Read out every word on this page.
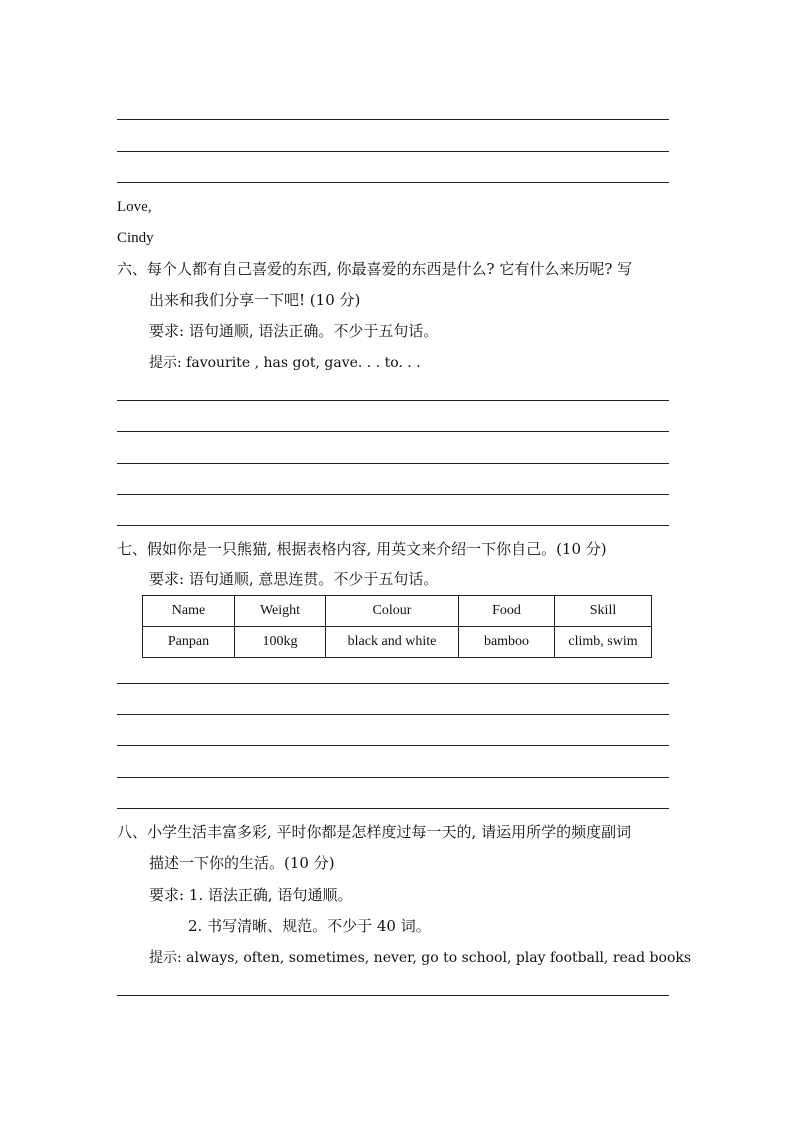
Love,
Cindy
六、每个人都有自己喜爱的东西, 你最喜爱的东西是什么? 它有什么来历呢? 写
出来和我们分享一下吧! (10 分)
要求: 语句通顺, 语法正确。不少于五句话。
提示: favourite , has got, gave. . . to. . .
七、假如你是一只熊猫, 根据表格内容, 用英文来介绍一下你自己。(10 分)
要求: 语句通顺, 意思连贯。不少于五句话。
Name	Weight	Colour	Food	Skill
Panpan	100kg	black and white	bamboo	climb, swim
八、小学生活丰富多彩, 平时你都是怎样度过每一天的, 请运用所学的频度副词
描述一下你的生活。(10 分)
要求: 1. 语法正确, 语句通顺。
2. 书写清晰、规范。不少于 40 词。
提示: always, often, sometimes, never, go to school, play football, read books
